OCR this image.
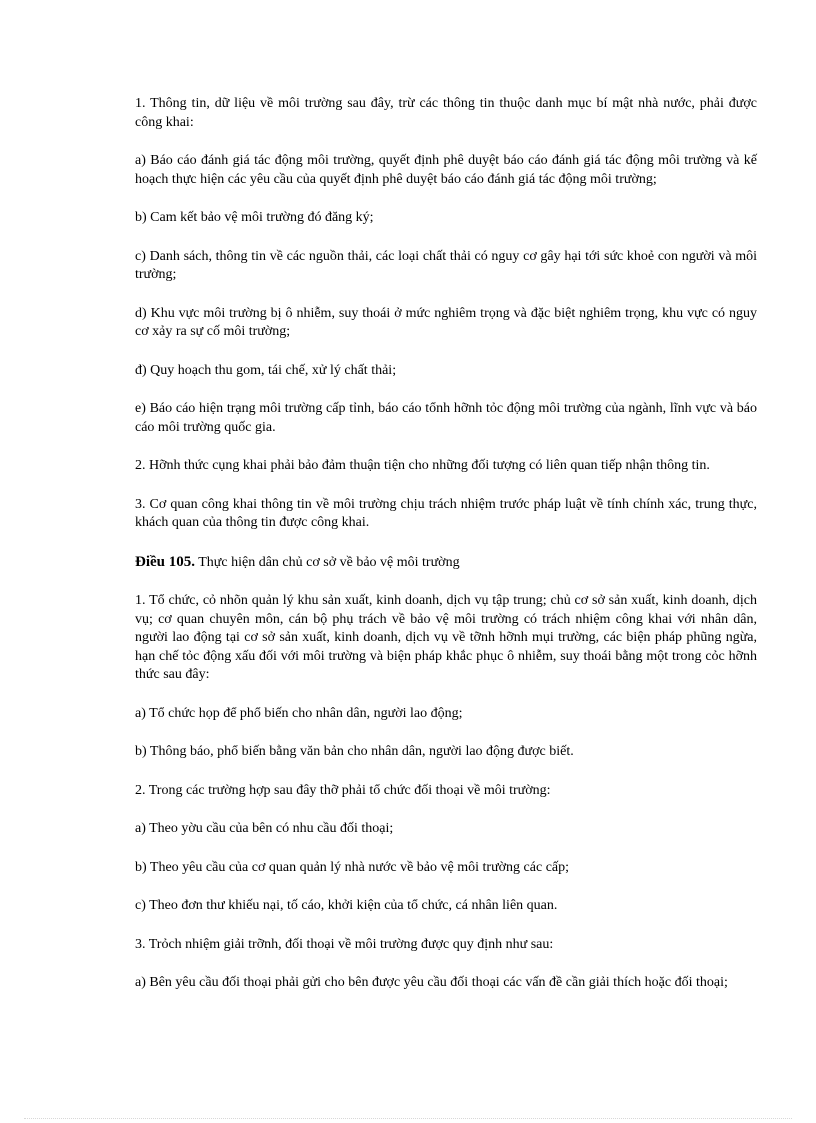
1. Thông tin, dữ liệu về môi trường sau đây, trừ các thông tin thuộc danh mục bí mật nhà nước, phải được công khai:

a) Báo cáo đánh giá tác động môi trường, quyết định phê duyệt báo cáo đánh giá tác động môi trường và kế hoạch thực hiện các yêu cầu của quyết định phê duyệt báo cáo đánh giá tác động môi trường;

b) Cam kết bảo vệ môi trường đó đăng ký;

c) Danh sách, thông tin về các nguồn thải, các loại chất thải có nguy cơ gây hại tới sức khoẻ con người và môi trường;

d) Khu vực môi trường bị ô nhiễm, suy thoái ở mức nghiêm trọng và đặc biệt nghiêm trọng, khu vực có nguy cơ xảy ra sự cố môi trường;

đ) Quy hoạch thu gom, tái chế, xử lý chất thải;

e) Báo cáo hiện trạng môi trường cấp tỉnh, báo cáo tổnh hỡnh tỏc động môi trường của ngành, lĩnh vực và báo cáo môi trường quốc gia.

2. Hỡnh thức cụng khai phải bảo đảm thuận tiện cho những đối tượng có liên quan tiếp nhận thông tin.

3. Cơ quan công khai thông tin về môi trường chịu trách nhiệm trước pháp luật về tính chính xác, trung thực, khách quan của thông tin được công khai.

Điều 105. Thực hiện dân chủ cơ sở về bảo vệ môi trường

1. Tổ chức, cỏ nhõn quản lý khu sản xuất, kinh doanh, dịch vụ tập trung; chủ cơ sở sản xuất, kinh doanh, dịch vụ; cơ quan chuyên môn, cán bộ phụ trách về bảo vệ môi trường có trách nhiệm công khai với nhân dân, người lao động tại cơ sở sản xuất, kinh doanh, dịch vụ về tỡnh hỡnh mụi trường, các biện pháp phũng ngừa, hạn chế tỏc động xấu đối với môi trường và biện pháp khắc phục ô nhiễm, suy thoái bằng một trong cỏc hỡnh thức sau đây:

a) Tổ chức họp để phổ biến cho nhân dân, người lao động;

b) Thông báo, phổ biến bằng văn bản cho nhân dân, người lao động được biết.

2. Trong các trường hợp sau đây thỡ phải tổ chức đối thoại về môi trường:

a) Theo yờu cầu của bên có nhu cầu đối thoại;

b) Theo yêu cầu của cơ quan quản lý nhà nước về bảo vệ môi trường các cấp;

c) Theo đơn thư khiếu nại, tố cáo, khởi kiện của tổ chức, cá nhân liên quan.

3. Trỏch nhiệm giải trỡnh, đối thoại về môi trường được quy định như sau:

a) Bên yêu cầu đối thoại phải gửi cho bên được yêu cầu đối thoại các vấn đề cần giải thích hoặc đối thoại;
